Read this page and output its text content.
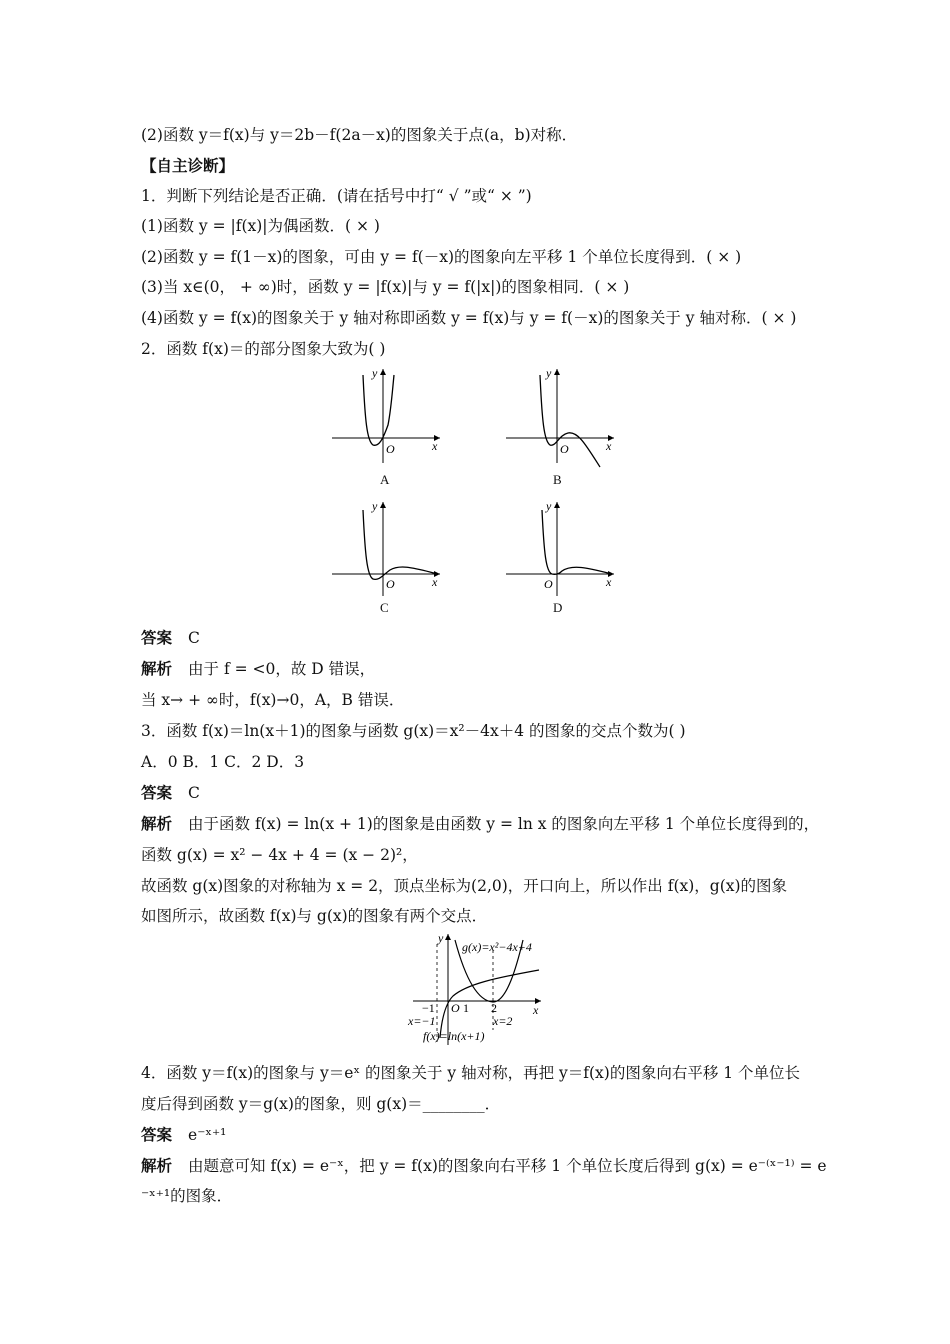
(2)函数 y＝f(x)与 y＝2b－f(2a－x)的图象关于点(a，b)对称．
【自主诊断】
1．判断下列结论是否正确．(请在括号中打“ √ ”或“ × ”)
(1)函数 y = |f(x)|为偶函数．( × )
(2)函数 y = f(1－x)的图象，可由 y = f(－x)的图象向左平移 1 个单位长度得到．( × )
(3)当 x∈(0， + ∞)时，函数 y = |f(x)|与 y = f(|x|)的图象相同．( × )
(4)函数 y = f(x)的图象关于 y 轴对称即函数 y = f(x)与 y = f(－x)的图象关于 y 轴对称．( × )
2．函数 f(x)＝的部分图象大致为( )
O	x
y
A
O	x
y
B
O	x
y
C
O	x
y
D
答案 C
解析 由于 f = <0，故 D 错误，
当 x→ + ∞时，f(x)→0，A，B 错误．
3．函数 f(x)＝ln(x＋1)的图象与函数 g(x)＝x²－4x＋4 的图象的交点个数为( )
A．0 B．1 C．2 D．3
答案 C
解析 由于函数 f(x) = ln(x + 1)的图象是由函数 y = ln x 的图象向左平移 1 个单位长度得到的，
函数 g(x) = x² − 4x + 4 = (x − 2)²，
故函数 g(x)图象的对称轴为 x = 2，顶点坐标为(2,0)，开口向上，所以作出 f(x)，g(x)的图象
如图所示，故函数 f(x)与 g(x)的图象有两个交点．
g(x)=x²−4x+4
f(x)=ln(x+1)
−1 O 1 2	x
y
x=−1	x=2
4．函数 y＝f(x)的图象与 y＝eˣ 的图象关于 y 轴对称，再把 y＝f(x)的图象向右平移 1 个单位长
度后得到函数 y＝g(x)的图象，则 g(x)＝________．
答案 e⁻ˣ⁺¹
解析 由题意可知 f(x) = e⁻ˣ，把 y = f(x)的图象向右平移 1 个单位长度后得到 g(x) = e⁻⁽ˣ⁻¹⁾ = e
⁻ˣ⁺¹的图象．
